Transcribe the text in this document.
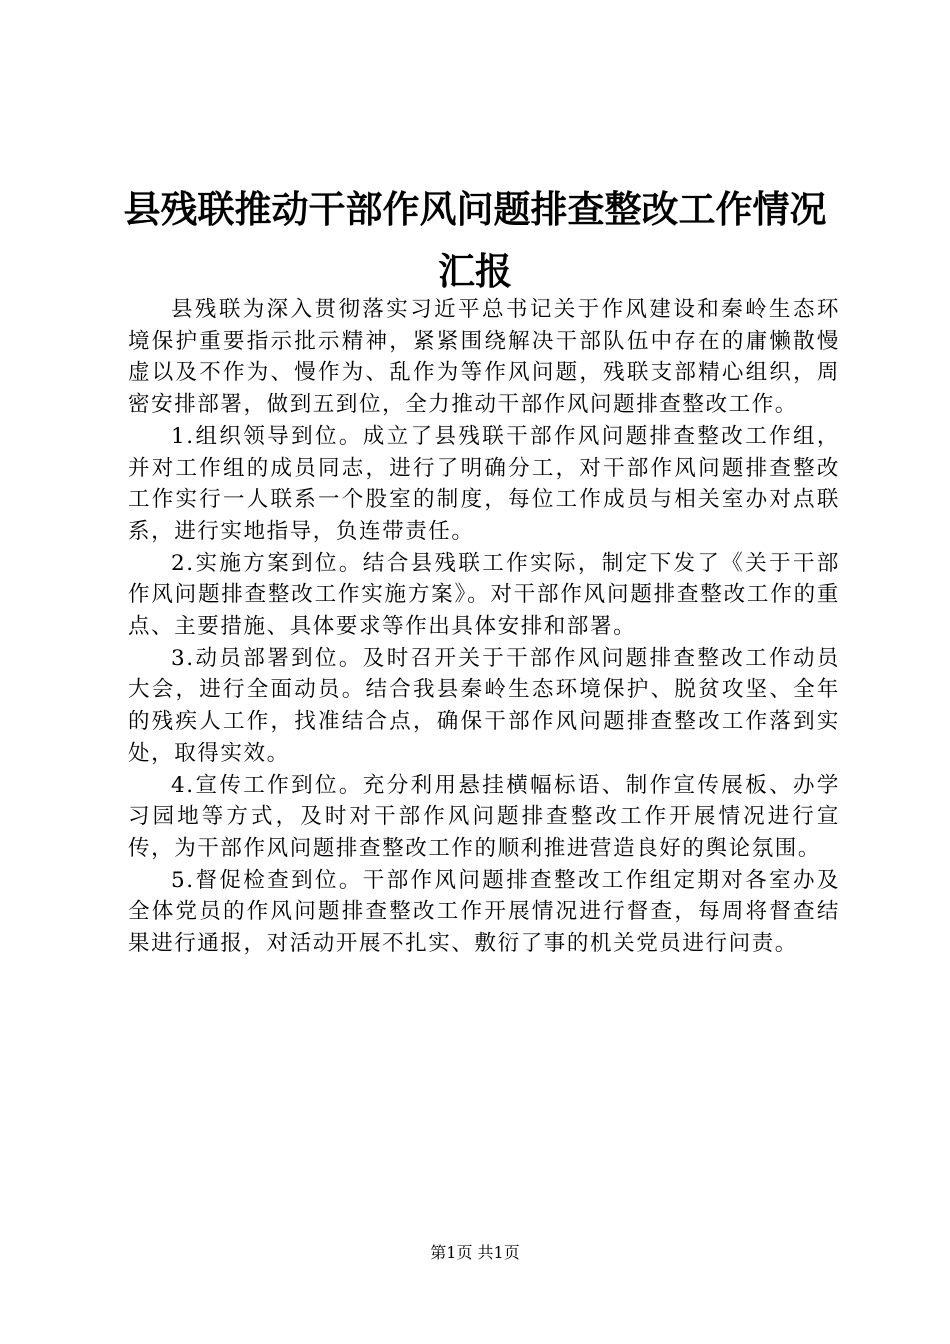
县残联推动干部作风问题排查整改工作情况汇报

县残联为深入贯彻落实习近平总书记关于作风建设和秦岭生态环境保护重要指示批示精神，紧紧围绕解决干部队伍中存在的庸懒散慢虚以及不作为、慢作为、乱作为等作风问题，残联支部精心组织，周密安排部署，做到五到位，全力推动干部作风问题排查整改工作。

1.组织领导到位。成立了县残联干部作风问题排查整改工作组，并对工作组的成员同志，进行了明确分工，对干部作风问题排查整改工作实行一人联系一个股室的制度，每位工作成员与相关室办对点联系，进行实地指导，负连带责任。

2.实施方案到位。结合县残联工作实际，制定下发了《关于干部作风问题排查整改工作实施方案》。对干部作风问题排查整改工作的重点、主要措施、具体要求等作出具体安排和部署。

3.动员部署到位。及时召开关于干部作风问题排查整改工作动员大会，进行全面动员。结合我县秦岭生态环境保护、脱贫攻坚、全年的残疾人工作，找准结合点，确保干部作风问题排查整改工作落到实处，取得实效。

4.宣传工作到位。充分利用悬挂横幅标语、制作宣传展板、办学习园地等方式，及时对干部作风问题排查整改工作开展情况进行宣传，为干部作风问题排查整改工作的顺利推进营造良好的舆论氛围。

5.督促检查到位。干部作风问题排查整改工作组定期对各室办及全体党员的作风问题排查整改工作开展情况进行督查，每周将督查结果进行通报，对活动开展不扎实、敷衍了事的机关党员进行问责。

第1页 共1页
